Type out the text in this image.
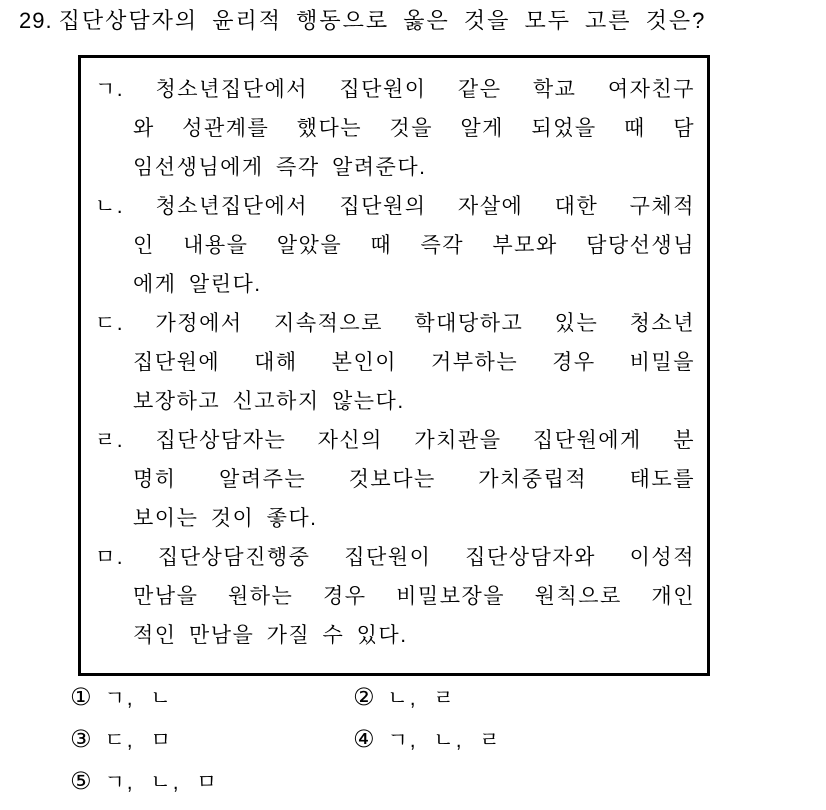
29. 집단상담자의 윤리적 행동으로 옳은 것을 모두 고른 것은?
ㄱ. 청소년집단에서 집단원이 같은 학교 여자친구
와 성관계를 했다는 것을 알게 되었을 때 담
임선생님에게 즉각 알려준다.
ㄴ. 청소년집단에서 집단원의 자살에 대한 구체적
인 내용을 알았을 때 즉각 부모와 담당선생님
에게 알린다.
ㄷ. 가정에서 지속적으로 학대당하고 있는 청소년
집단원에 대해 본인이 거부하는 경우 비밀을
보장하고 신고하지 않는다.
ㄹ. 집단상담자는 자신의 가치관을 집단원에게 분
명히 알려주는 것보다는 가치중립적 태도를
보이는 것이 좋다.
ㅁ. 집단상담진행중 집단원이 집단상담자와 이성적
만남을 원하는 경우 비밀보장을 원칙으로 개인
적인 만남을 가질 수 있다.
① ㄱ, ㄴ	② ㄴ, ㄹ
③ ㄷ, ㅁ	④ ㄱ, ㄴ, ㄹ
⑤ ㄱ, ㄴ, ㅁ
